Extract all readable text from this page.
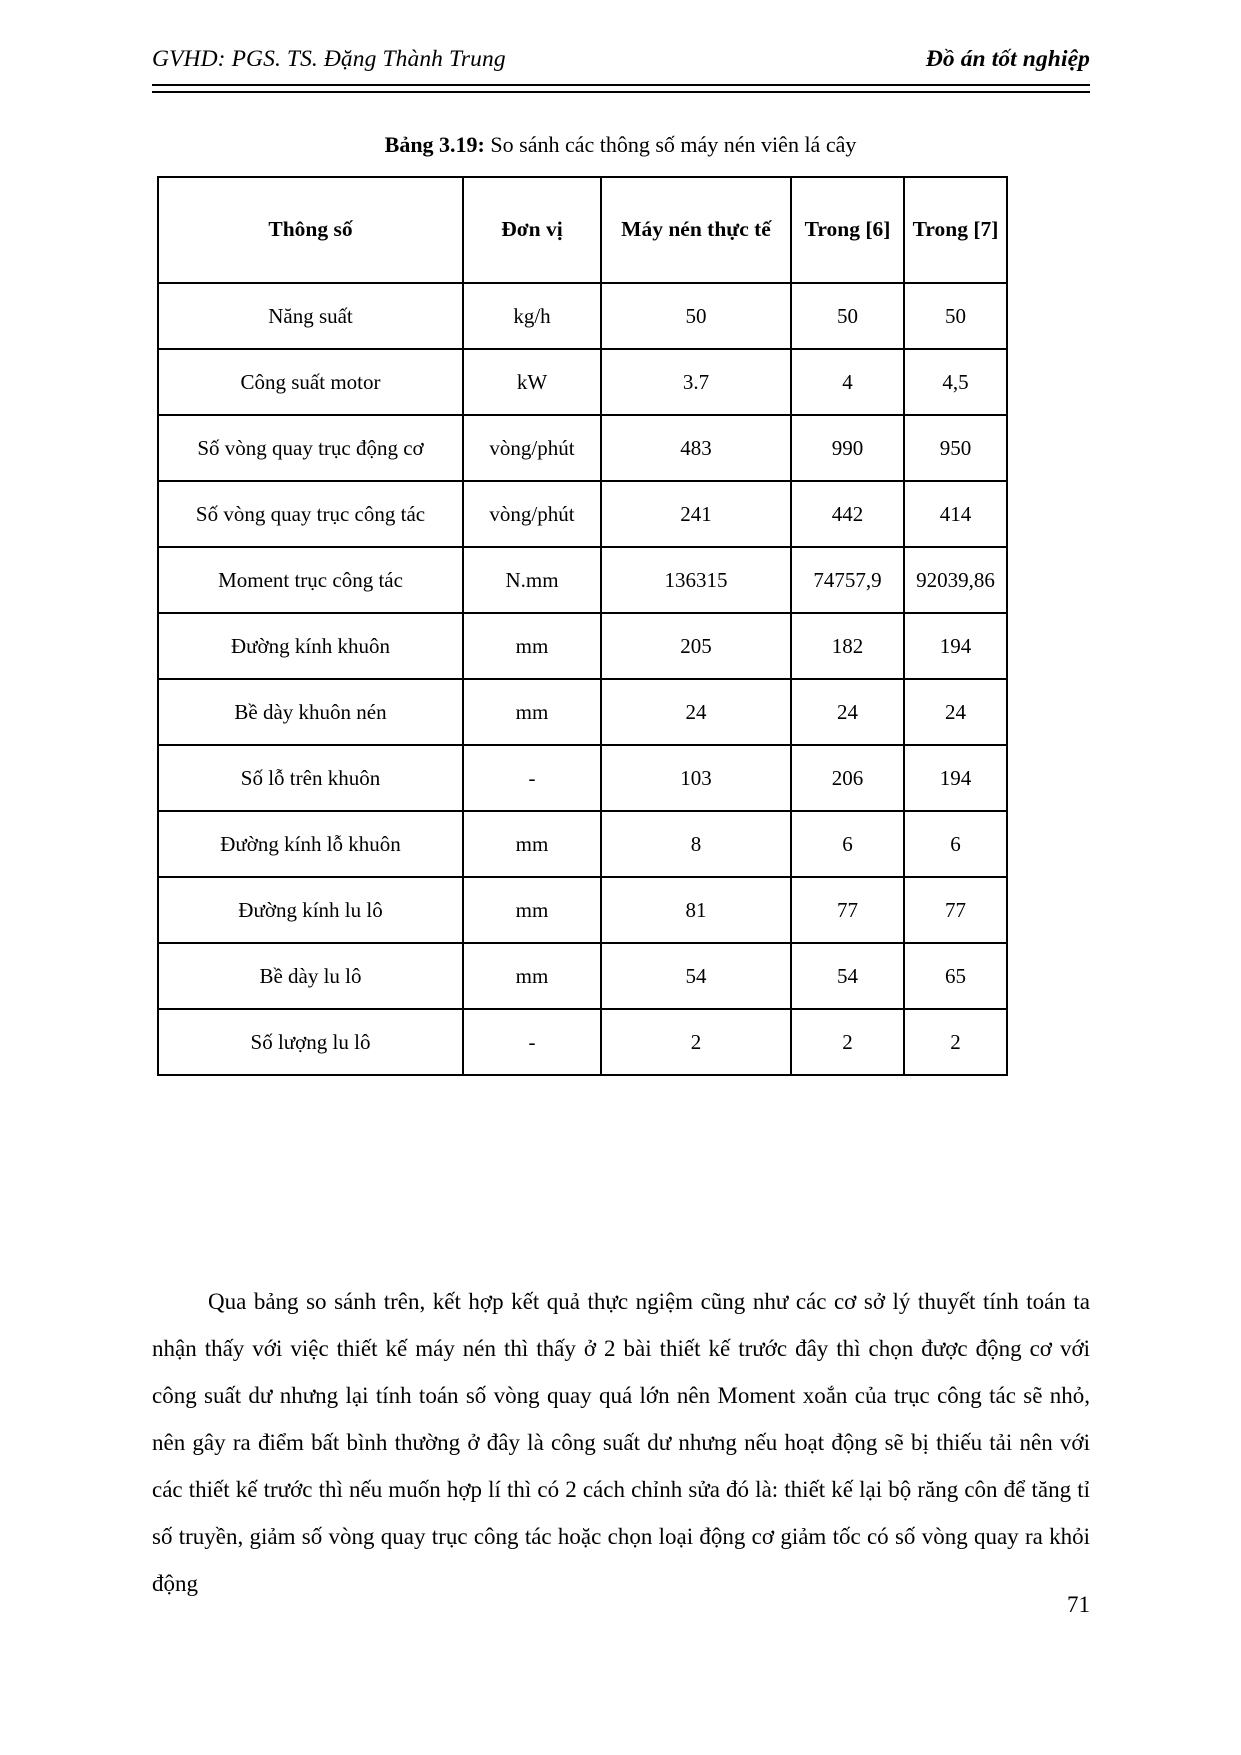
GVHD: PGS. TS. Đặng Thành Trung	Đồ án tốt nghiệp
Bảng 3.19: So sánh các thông số máy nén viên lá cây
Thông số	Đơn vị	Máy nén thực tế	Trong [6]	Trong [7]
Năng suất	kg/h	50	50	50
Công suất motor	kW	3.7	4	4,5
Số vòng quay trục động cơ	vòng/phút	483	990	950
Số vòng quay trục công tác	vòng/phút	241	442	414
Moment trục công tác	N.mm	136315	74757,9	92039,86
Đường kính khuôn	mm	205	182	194
Bề dày khuôn nén	mm	24	24	24
Số lỗ trên khuôn	-	103	206	194
Đường kính lỗ khuôn	mm	8	6	6
Đường kính lu lô	mm	81	77	77
Bề dày lu lô	mm	54	54	65
Số lượng lu lô	-	2	2	2
Qua bảng so sánh trên, kết hợp kết quả thực ngiệm cũng như các cơ sở lý thuyết tính toán ta nhận thấy với việc thiết kế máy nén thì thấy ở 2 bài thiết kế trước đây thì chọn được động cơ với công suất dư nhưng lại tính toán số vòng quay quá lớn nên Moment xoắn của trục công tác sẽ nhỏ, nên gây ra điểm bất bình thường ở đây là công suất dư nhưng nếu hoạt động sẽ bị thiếu tải nên với các thiết kế trước thì nếu muốn hợp lí thì có 2 cách chỉnh sửa đó là: thiết kế lại bộ răng côn để tăng tỉ số truyền, giảm số vòng quay trục công tác hoặc chọn loại động cơ giảm tốc có số vòng quay ra khỏi động
71
